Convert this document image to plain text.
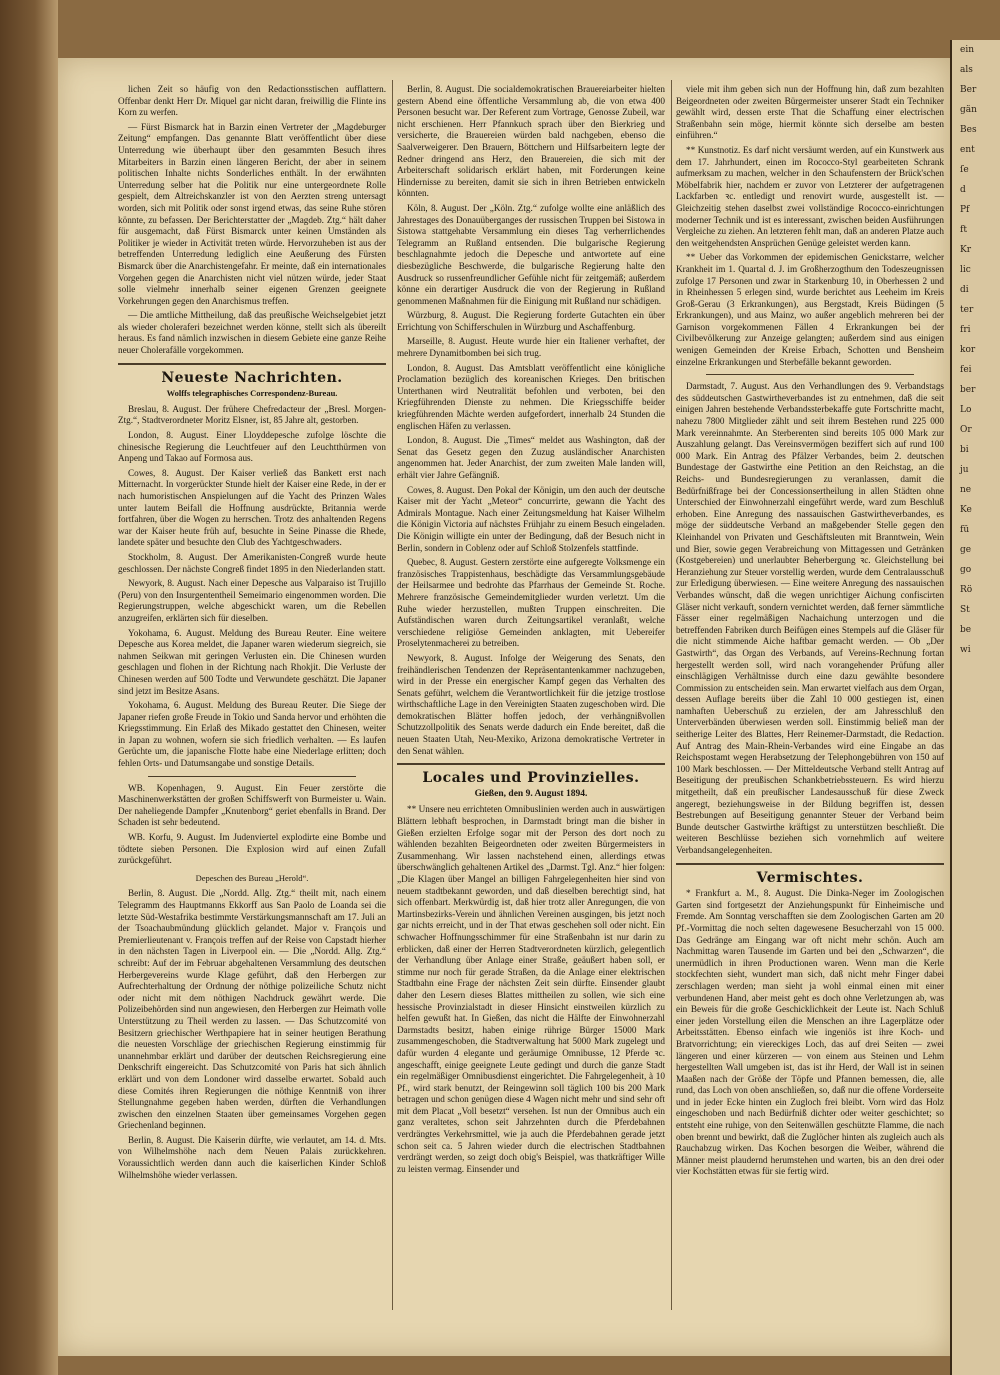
ein
als
Ber
gän
Bes
ent
ſe
d
Pf
ft
Kr
lic
di
ter
fri
kor
fei
ber
Lo
Or
bi
ju
ne
Ke
fü
ge
go
Rö
St
be
wi

lichen Zeit so häufig von den Redactionsstischen aufflattern. Offenbar denkt Herr Dr. Miquel gar nicht daran, freiwillig die Flinte ins Korn zu werfen.

— Fürst Bismarck hat in Barzin einen Vertreter der „Magdeburger Zeitung“ empfangen. Das genannte Blatt veröffentlicht über diese Unterredung wie überhaupt über den gesammten Besuch ihres Mitarbeiters in Barzin einen längeren Bericht, der aber in seinem politischen Inhalte nichts Sonderliches enthält. In der erwähnten Unterredung selber hat die Politik nur eine untergeordnete Rolle gespielt, dem Altreichskanzler ist von den Aerzten streng untersagt worden, sich mit Politik oder sonst irgend etwas, das seine Ruhe stören könnte, zu befassen. Der Berichterstatter der „Magdeb. Ztg.“ hält daher für ausgemacht, daß Fürst Bismarck unter keinen Umständen als Politiker je wieder in Activität treten würde. Hervorzuheben ist aus der betreffenden Unterredung lediglich eine Aeußerung des Fürsten Bismarck über die Anarchistengefahr. Er meinte, daß ein internationales Vorgehen gegen die Anarchisten nicht viel nützen würde, jeder Staat solle vielmehr innerhalb seiner eigenen Grenzen geeignete Vorkehrungen gegen den Anarchismus treffen.

— Die amtliche Mittheilung, daß das preußische Weichselgebiet jetzt als wieder choleraferi bezeichnet werden könne, stellt sich als übereilt heraus. Es fand nämlich inzwischen in diesem Gebiete eine ganze Reihe neuer Cholerafälle vorgekommen.

Neueste Nachrichten.
Wolffs telegraphisches Correspondenz-Bureau.

Breslau, 8. August. Der frühere Chefredacteur der „Bresl. Morgen-Ztg.“, Stadtverordneter Moritz Elsner, ist, 85 Jahre alt, gestorben.

London, 8. August. Einer Lloyddepesche zufolge löschte die chinesische Regierung die Leuchtfeuer auf den Leuchtthürmen von Anpeng und Takao auf Formosa aus.

Cowes, 8. August. Der Kaiser verließ das Bankett erst nach Mitternacht. In vorgerückter Stunde hielt der Kaiser eine Rede, in der er nach humoristischen Anspielungen auf die Yacht des Prinzen Wales unter lautem Beifall die Hoffnung ausdrückte, Britannia werde fortfahren, über die Wogen zu herrschen. Trotz des anhaltenden Regens war der Kaiser heute früh auf, besuchte in Seine Pinasse die Rhede, landete später und besuchte den Club des Yachtgeschwaders.

Stockholm, 8. August. Der Amerikanisten-Congreß wurde heute geschlossen. Der nächste Congreß findet 1895 in den Niederlanden statt.

Newyork, 8. August. Nach einer Depesche aus Valparaiso ist Trujillo (Peru) von den Insurgententheil Semeimario eingenommen worden. Die Regierungstruppen, welche abgeschickt waren, um die Rebellen anzugreifen, erklärten sich für dieselben.

Yokohama, 6. August. Meldung des Bureau Reuter. Eine weitere Depesche aus Korea meldet, die Japaner waren wiederum siegreich, sie nahmen Seikwan mit geringen Verlusten ein. Die Chinesen wurden geschlagen und flohen in der Richtung nach Rhokjit. Die Verluste der Chinesen werden auf 500 Todte und Verwundete geschätzt. Die Japaner sind jetzt im Besitze Asans.

Yokohama, 6. August. Meldung des Bureau Reuter. Die Siege der Japaner riefen große Freude in Tokio und Sanda hervor und erhöhten die Kriegsstimmung. Ein Erlaß des Mikado gestattet den Chinesen, weiter in Japan zu wohnen, wofern sie sich friedlich verhalten. — Es laufen Gerüchte um, die japanische Flotte habe eine Niederlage erlitten; doch fehlen Orts- und Datumsangabe und sonstige Details.

WB. Kopenhagen, 9. August. Ein Feuer zerstörte die Maschinenwerkstätten der großen Schiffswerft von Burmeister u. Wain. Der naheliegende Dampfer „Knutenborg“ geriet ebenfalls in Brand. Der Schaden ist sehr bedeutend.

WB. Korfu, 9. August. Im Judenviertel explodirte eine Bombe und tödtete sieben Personen. Die Explosion wird auf einen Zufall zurückgeführt.

Depeschen des Bureau „Herold“.

Berlin, 8. August. Die „Nordd. Allg. Ztg.“ theilt mit, nach einem Telegramm des Hauptmanns Ekkorff aus San Paolo de Loanda sei die letzte Süd-Westafrika bestimmte Verstärkungsmannschaft am 17. Juli an der Tsoachaubmündung glücklich gelandet. Major v. François und Premierlieutenant v. François treffen auf der Reise von Capstadt hierher in den nächsten Tagen in Liverpool ein. — Die „Nordd. Allg. Ztg.“ schreibt: Auf der im Februar abgehaltenen Versammlung des deutschen Herbergevereins wurde Klage geführt, daß den Herbergen zur Aufrechterhaltung der Ordnung der nöthige polizeiliche Schutz nicht oder nicht mit dem nöthigen Nachdruck gewährt werde. Die Polizeibehörden sind nun angewiesen, den Herbergen zur Heimath volle Unterstützung zu Theil werden zu lassen. — Das Schutzcomité von Besitzern griechischer Werthpapiere hat in seiner heutigen Berathung die neuesten Vorschläge der griechischen Regierung einstimmig für unannehmbar erklärt und darüber der deutschen Reichsregierung eine Denkschrift eingereicht. Das Schutzcomité von Paris hat sich ähnlich erklärt und von dem Londoner wird dasselbe erwartet. Sobald auch diese Comités ihren Regierungen die nöthige Kenntniß von ihrer Stellungnahme gegeben haben werden, dürften die Verhandlungen zwischen den einzelnen Staaten über gemeinsames Vorgehen gegen Griechenland beginnen.

Berlin, 8. August. Die Kaiserin dürfte, wie verlautet, am 14. d. Mts. von Wilhelmshöhe nach dem Neuen Palais zurückkehren. Voraussichtlich werden dann auch die kaiserlichen Kinder Schloß Wilhelmshöhe wieder verlassen.

Berlin, 8. August. Die socialdemokratischen Brauereiarbeiter hielten gestern Abend eine öffentliche Versammlung ab, die von etwa 400 Personen besucht war. Der Referent zum Vortrage, Genosse Zubeil, war nicht erschienen. Herr Pfannkuch sprach über den Bierkrieg und versicherte, die Brauereien würden bald nachgeben, ebenso die Saalverweigerer. Den Brauern, Böttchern und Hilfsarbeitern legte der Redner dringend ans Herz, den Brauereien, die sich mit der Arbeiterschaft solidarisch erklärt haben, mit Forderungen keine Hindernisse zu bereiten, damit sie sich in ihren Betrieben entwickeln könnten.

Köln, 8. August. Der „Köln. Ztg.“ zufolge wollte eine anläßlich des Jahrestages des Donauüberganges der russischen Truppen bei Sistowa in Sistowa stattgehabte Versammlung ein dieses Tag verherrlichendes Telegramm an Rußland entsenden. Die bulgarische Regierung beschlagnahmte jedoch die Depesche und antwortete auf eine diesbezügliche Beschwerde, die bulgarische Regierung halte den Ausdruck so russenfreundlicher Gefühle nicht für zeitgemäß; außerdem könne ein derartiger Ausdruck die von der Regierung in Rußland genommenen Maßnahmen für die Einigung mit Rußland nur schädigen.

Würzburg, 8. August. Die Regierung forderte Gutachten ein über Errichtung von Schifferschulen in Würzburg und Aschaffenburg.

Marseille, 8. August. Heute wurde hier ein Italiener verhaftet, der mehrere Dynamitbomben bei sich trug.

London, 8. August. Das Amtsblatt veröffentlicht eine königliche Proclamation bezüglich des koreanischen Krieges. Den britischen Unterthanen wird Neutralität befohlen und verboten, bei den Kriegführenden Dienste zu nehmen. Die Kriegsschiffe beider kriegführenden Mächte werden aufgefordert, innerhalb 24 Stunden die englischen Häfen zu verlassen.

London, 8. August. Die „Times“ meldet aus Washington, daß der Senat das Gesetz gegen den Zuzug ausländischer Anarchisten angenommen hat. Jeder Anarchist, der zum zweiten Male landen will, erhält vier Jahre Gefängniß.

Cowes, 8. August. Den Pokal der Königin, um den auch der deutsche Kaiser mit der Yacht „Meteor“ concurrirte, gewann die Yacht des Admirals Montague. Nach einer Zeitungsmeldung hat Kaiser Wilhelm die Königin Victoria auf nächstes Frühjahr zu einem Besuch eingeladen. Die Königin willigte ein unter der Bedingung, daß der Besuch nicht in Berlin, sondern in Coblenz oder auf Schloß Stolzenfels stattfinde.

Quebec, 8. August. Gestern zerstörte eine aufgeregte Volksmenge ein französisches Trappistenhaus, beschädigte das Versammlungsgebäude der Heilsarmee und bedrohte das Pfarrhaus der Gemeinde St. Roche. Mehrere französische Gemeindemitglieder wurden verletzt. Um die Ruhe wieder herzustellen, mußten Truppen einschreiten. Die Aufständischen waren durch Zeitungsartikel veranlaßt, welche verschiedene religiöse Gemeinden anklagten, mit Uebereifer Proselytenmacherei zu betreiben.

Newyork, 8. August. Infolge der Weigerung des Senats, den freihändlerischen Tendenzen der Repräsentantenkammer nachzugeben, wird in der Presse ein energischer Kampf gegen das Verhalten des Senats geführt, welchem die Verantwortlichkeit für die jetzige trostlose wirthschaftliche Lage in den Vereinigten Staaten zugeschoben wird. Die demokratischen Blätter hoffen jedoch, der verhängnißvollen Schutzzollpolitik des Senats werde dadurch ein Ende bereitet, daß die neuen Staaten Utah, Neu-Mexiko, Arizona demokratische Vertreter in den Senat wählen.

Locales und Provinzielles.
Gießen, den 9. August 1894.

** Unsere neu errichteten Omnibuslinien werden auch in auswärtigen Blättern lebhaft besprochen, in Darmstadt bringt man die bisher in Gießen erzielten Erfolge sogar mit der Person des dort noch zu wählenden bezahlten Beigeordneten oder zweiten Bürgermeisters in Zusammenhang. Wir lassen nachstehend einen, allerdings etwas überschwänglich gehaltenen Artikel des „Darmst. Tgl. Anz.“ hier folgen: „Die Klagen über Mangel an billigen Fahrgelegenheiten hier sind von neuem stadtbekannt geworden, und daß dieselben berechtigt sind, hat sich offenbart. Merkwürdig ist, daß hier trotz aller Anregungen, die von Martinsbezirks-Verein und ähnlichen Vereinen ausgingen, bis jetzt noch gar nichts erreicht, und in der That etwas geschehen soll oder nicht. Ein schwacher Hoffnungsschimmer für eine Straßenbahn ist nur darin zu erblicken, daß einer der Herren Stadtverordneten kürzlich, gelegentlich der Verhandlung über Anlage einer Straße, geäußert haben soll, er stimme nur noch für gerade Straßen, da die Anlage einer elektrischen Stadtbahn eine Frage der nächsten Zeit sein dürfte. Einsender glaubt daher den Lesern dieses Blattes mittheilen zu sollen, wie sich eine hessische Provinzialstadt in dieser Hinsicht einstweilen kürzlich zu helfen gewußt hat. In Gießen, das nicht die Hälfte der Einwohnerzahl Darmstadts besitzt, haben einige rührige Bürger 15000 Mark zusammengeschoben, die Stadtverwaltung hat 5000 Mark zugelegt und dafür wurden 4 elegante und geräumige Omnibusse, 12 Pferde ꝛc. angeschafft, einige geeignete Leute gedingt und durch die ganze Stadt ein regelmäßiger Omnibusdienst eingerichtet. Die Fahrgelegenheit, à 10 Pf., wird stark benutzt, der Reingewinn soll täglich 100 bis 200 Mark betragen und schon genügen diese 4 Wagen nicht mehr und sind sehr oft mit dem Placat „Voll besetzt“ versehen. Ist nun der Omnibus auch ein ganz veraltetes, schon seit Jahrzehnten durch die Pferdebahnen verdrängtes Verkehrsmittel, wie ja auch die Pferdebahnen gerade jetzt schon seit ca. 5 Jahren wieder durch die electrischen Stadtbahnen verdrängt werden, so zeigt doch obig's Beispiel, was thatkräftiger Wille zu leisten vermag. Einsender und

viele mit ihm geben sich nun der Hoffnung hin, daß zum bezahlten Beigeordneten oder zweiten Bürgermeister unserer Stadt ein Techniker gewählt wird, dessen erste That die Schaffung einer electrischen Straßenbahn sein möge, hiermit könnte sich derselbe am besten einführen.“

** Kunstnotiz. Es darf nicht versäumt werden, auf ein Kunstwerk aus dem 17. Jahrhundert, einen im Rococco-Styl gearbeiteten Schrank aufmerksam zu machen, welcher in den Schaufenstern der Brück'schen Möbelfabrik hier, nachdem er zuvor von Letzterer der aufgetragenen Lackfarben ꝛc. entledigt und renovirt wurde, ausgestellt ist. — Gleichzeitig stehen daselbst zwei vollständige Rococco-einrichtungen moderner Technik und ist es interessant, zwischen beiden Ausführungen Vergleiche zu ziehen. An letzteren fehlt man, daß an anderen Platze auch den weitgehendsten Ansprüchen Genüge geleistet werden kann.

** Ueber das Vorkommen der epidemischen Genickstarre, welcher Krankheit im 1. Quartal d. J. im Großherzogthum den Todeszeugnissen zufolge 17 Personen und zwar in Starkenburg 10, in Oberhessen 2 und in Rheinhessen 5 erlegen sind, wurde berichtet aus Leeheim im Kreis Groß-Gerau (3 Erkrankungen), aus Bergstadt, Kreis Büdingen (5 Erkrankungen), und aus Mainz, wo außer angeblich mehreren bei der Garnison vorgekommenen Fällen 4 Erkrankungen bei der Civilbevölkerung zur Anzeige gelangten; außerdem sind aus einigen wenigen Gemeinden der Kreise Erbach, Schotten und Bensheim einzelne Erkrankungen und Sterbefälle bekannt geworden.

Darmstadt, 7. August. Aus den Verhandlungen des 9. Verbandstags des süddeutschen Gastwirtheverbandes ist zu entnehmen, daß die seit einigen Jahren bestehende Verbandssterbekaffe gute Fortschritte macht, nahezu 7800 Mitglieder zählt und seit ihrem Bestehen rund 225 000 Mark vereinnahmte. An Sterberenten sind bereits 105 000 Mark zur Auszahlung gelangt. Das Vereinsvermögen beziffert sich auf rund 100 000 Mark. Ein Antrag des Pfälzer Verbandes, beim 2. deutschen Bundestage der Gastwirthe eine Petition an den Reichstag, an die Reichs- und Bundesregierungen zu veranlassen, damit die Bedürfnißfrage bei der Concessionsertheilung in allen Städten ohne Unterschied der Einwohnerzahl eingeführt werde, ward zum Beschluß erhoben. Eine Anregung des nassauischen Gastwirtheverbandes, es möge der süddeutsche Verband an maßgebender Stelle gegen den Kleinhandel von Privaten und Geschäftsleuten mit Branntwein, Wein und Bier, sowie gegen Verabreichung von Mittagessen und Getränken (Kostgebereien) und unerlaubter Beherbergung ꝛc. Gleichstellung bei Heranziehung zur Steuer vorstellig werden, wurde dem Centralausschuß zur Erledigung überwiesen. — Eine weitere Anregung des nassauischen Verbandes wünscht, daß die wegen unrichtiger Aichung confiscirten Gläser nicht verkauft, sondern vernichtet werden, daß ferner sämmtliche Fässer einer regelmäßigen Nachaichung unterzogen und die betreffenden Fabriken durch Beifügen eines Stempels auf die Gläser für die nicht stimmende Aiche haftbar gemacht werden. — Ob „Der Gastwirth“, das Organ des Verbands, auf Vereins-Rechnung fortan hergestellt werden soll, wird nach vorangehender Prüfung aller einschlägigen Verhältnisse durch eine dazu gewählte besondere Commission zu entscheiden sein. Man erwartet vielfach aus dem Organ, dessen Auflage bereits über die Zahl 10 000 gestiegen ist, einen namhaften Ueberschuß zu erzielen, der am Jahresschluß den Unterverbänden überwiesen werden soll. Einstimmig beließ man der seitherige Leiter des Blattes, Herr Reinemer-Darmstadt, die Redaction. Auf Antrag des Main-Rhein-Verbandes wird eine Eingabe an das Reichspostamt wegen Herabsetzung der Telephongebühren von 150 auf 100 Mark beschlossen. — Der Mitteldeutsche Verband stellt Antrag auf Beseitigung der preußischen Schankbetriebssteuern. Es wird hierzu mitgetheilt, daß ein preußischer Landesausschuß für diese Zweck angeregt, beziehungsweise in der Bildung begriffen ist, dessen Bestrebungen auf Beseitigung genannter Steuer der Verband beim Bunde deutscher Gastwirthe kräftigst zu unterstützen beschließt. Die weiteren Beschlüsse beziehen sich vornehmlich auf weitere Verbandsangelegenheiten.

Vermischtes.

* Frankfurt a. M., 8. August. Die Dinka-Neger im Zoologischen Garten sind fortgesetzt der Anziehungspunkt für Einheimische und Fremde. Am Sonntag verschafften sie dem Zoologischen Garten am 20 Pf.-Vormittag die noch selten dagewesene Besucherzahl von 15 000. Das Gedränge am Eingang war oft nicht mehr schön. Auch am Nachmittag waren Tausende im Garten und bei den „Schwarzen“, die unermüdlich in ihren Productionen waren. Wenn man die Kerle stockfechten sieht, wundert man sich, daß nicht mehr Finger dabei zerschlagen werden; man sieht ja wohl einmal einen mit einer verbundenen Hand, aber meist geht es doch ohne Verletzungen ab, was ein Beweis für die große Geschicklichkeit der Leute ist. Nach Schluß einer jeden Vorstellung eilen die Menschen an ihre Lagerplätze oder Arbeitsstätten. Ebenso einfach wie ingeniös ist ihre Koch- und Bratvorrichtung; ein viereckiges Loch, das auf drei Seiten — zwei längeren und einer kürzeren — von einem aus Steinen und Lehm hergestellten Wall umgeben ist, das ist ihr Herd, der Wall ist in seinen Maaßen nach der Größe der Töpfe und Pfannen bemessen, die, alle rund, das Loch von oben anschließen, so, daß nur die offene Vorderseite und in jeder Ecke hinten ein Zugloch frei bleibt. Vorn wird das Holz eingeschoben und nach Bedürfniß dichter oder weiter geschichtet; so entsteht eine ruhige, von den Seitenwällen geschützte Flamme, die nach oben brennt und bewirkt, daß die Zuglöcher hinten als zugleich auch als Rauchabzug wirken. Das Kochen besorgen die Weiber, während die Männer meist plaudernd herumstehen und warten, bis an den drei oder vier Kochstätten etwas für sie fertig wird.
